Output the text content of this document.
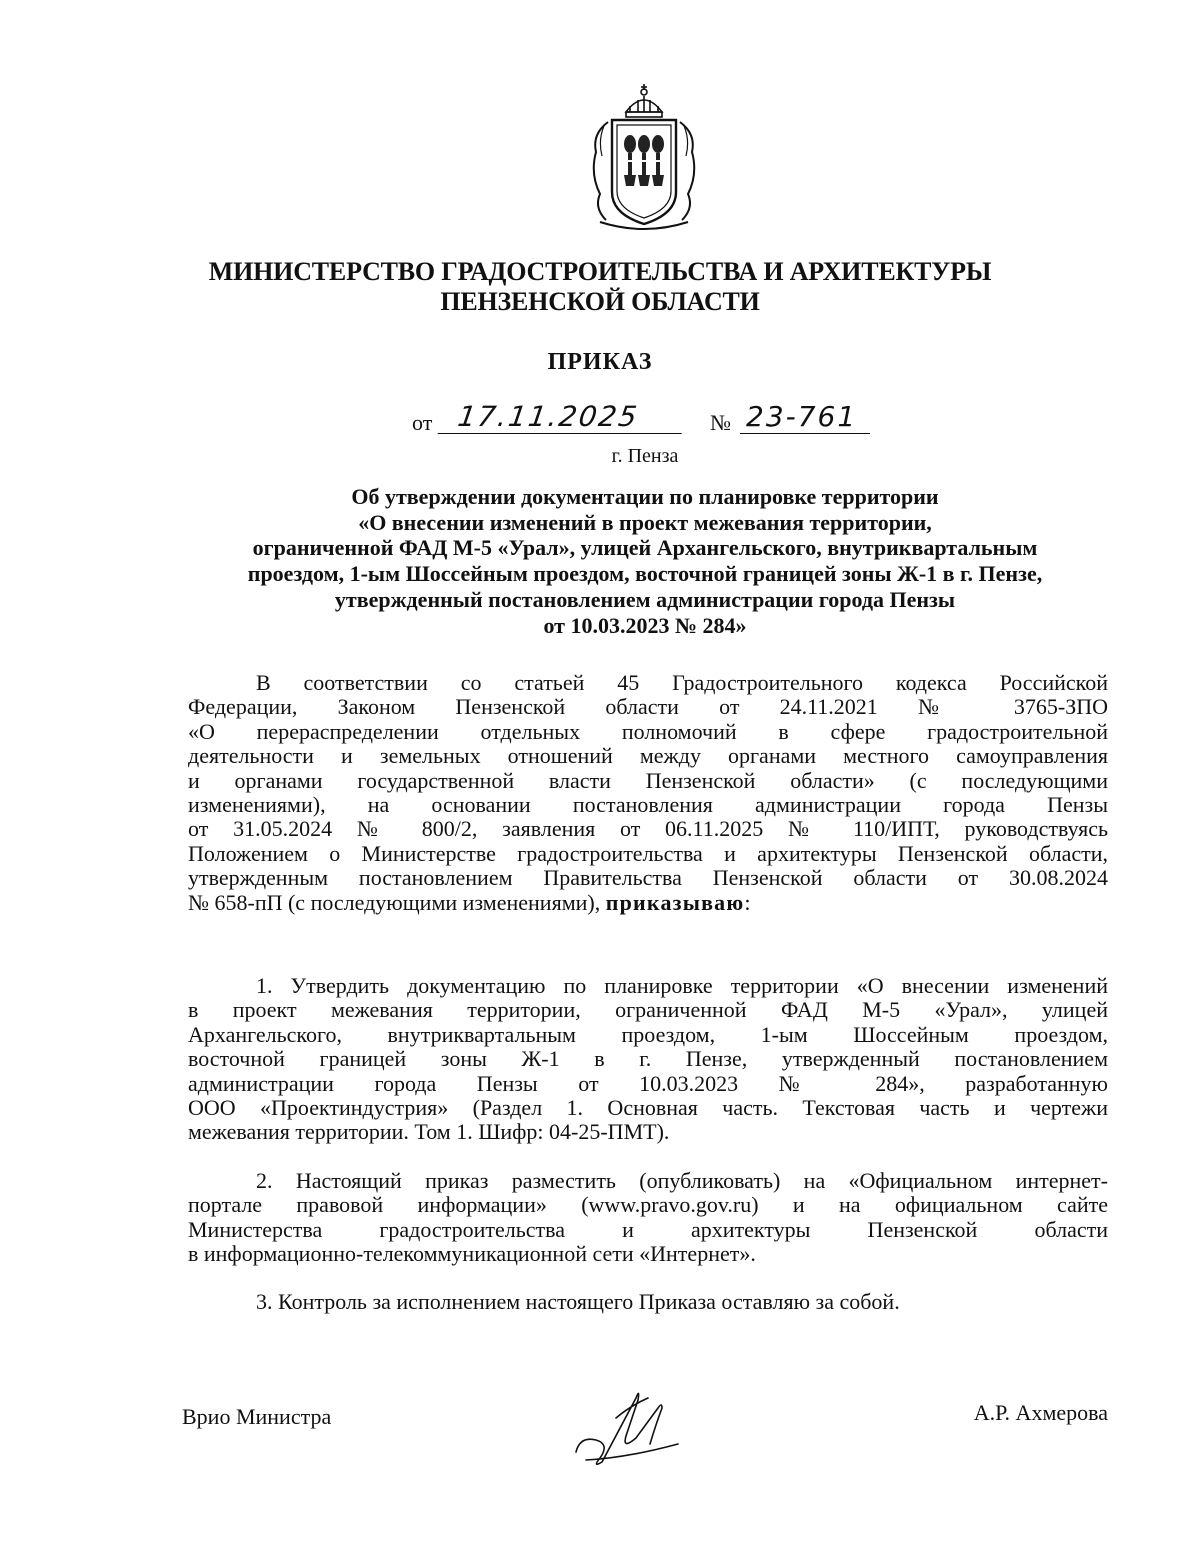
МИНИСТЕРСТВО ГРАДОСТРОИТЕЛЬСТВА И АРХИТЕКТУРЫ
ПЕНЗЕНСКОЙ ОБЛАСТИ
ПРИКАЗ
от 17.11.2025	№ 23-761
г. Пенза
Об утверждении документации по планировке территории
«О внесении изменений в проект межевания территории,
ограниченной ФАД М-5 «Урал», улицей Архангельского, внутриквартальным
проездом, 1-ым Шоссейным проездом, восточной границей зоны Ж-1 в г. Пензе,
утвержденный постановлением администрации города Пензы
от 10.03.2023 № 284»
В соответствии со статьей 45 Градостроительного кодекса Российской
Федерации, Законом Пензенской области от 24.11.2021 № 3765-ЗПО
«О перераспределении отдельных полномочий в сфере градостроительной
деятельности и земельных отношений между органами местного самоуправления
и органами государственной власти Пензенской области» (с последующими
изменениями), на основании постановления администрации города Пензы
от 31.05.2024 № 800/2, заявления от 06.11.2025 № 110/ИПТ, руководствуясь
Положением о Министерстве градостроительства и архитектуры Пензенской области,
утвержденным постановлением Правительства Пензенской области от 30.08.2024
№ 658-пП (с последующими изменениями), приказываю:
1. Утвердить документацию по планировке территории «О внесении изменений
в проект межевания территории, ограниченной ФАД М-5 «Урал», улицей
Архангельского, внутриквартальным проездом, 1-ым Шоссейным проездом,
восточной границей зоны Ж-1 в г. Пензе, утвержденный постановлением
администрации города Пензы от 10.03.2023 № 284», разработанную
ООО «Проектиндустрия» (Раздел 1. Основная часть. Текстовая часть и чертежи
межевания территории. Том 1. Шифр: 04-25-ПМТ).
2. Настоящий приказ разместить (опубликовать) на «Официальном интернет-
портале правовой информации» (www.pravo.gov.ru) и на официальном сайте
Министерства градостроительства и архитектуры Пензенской области
в информационно-телекоммуникационной сети «Интернет».
3. Контроль за исполнением настоящего Приказа оставляю за собой.
Врио Министра	А.Р. Ахмерова
